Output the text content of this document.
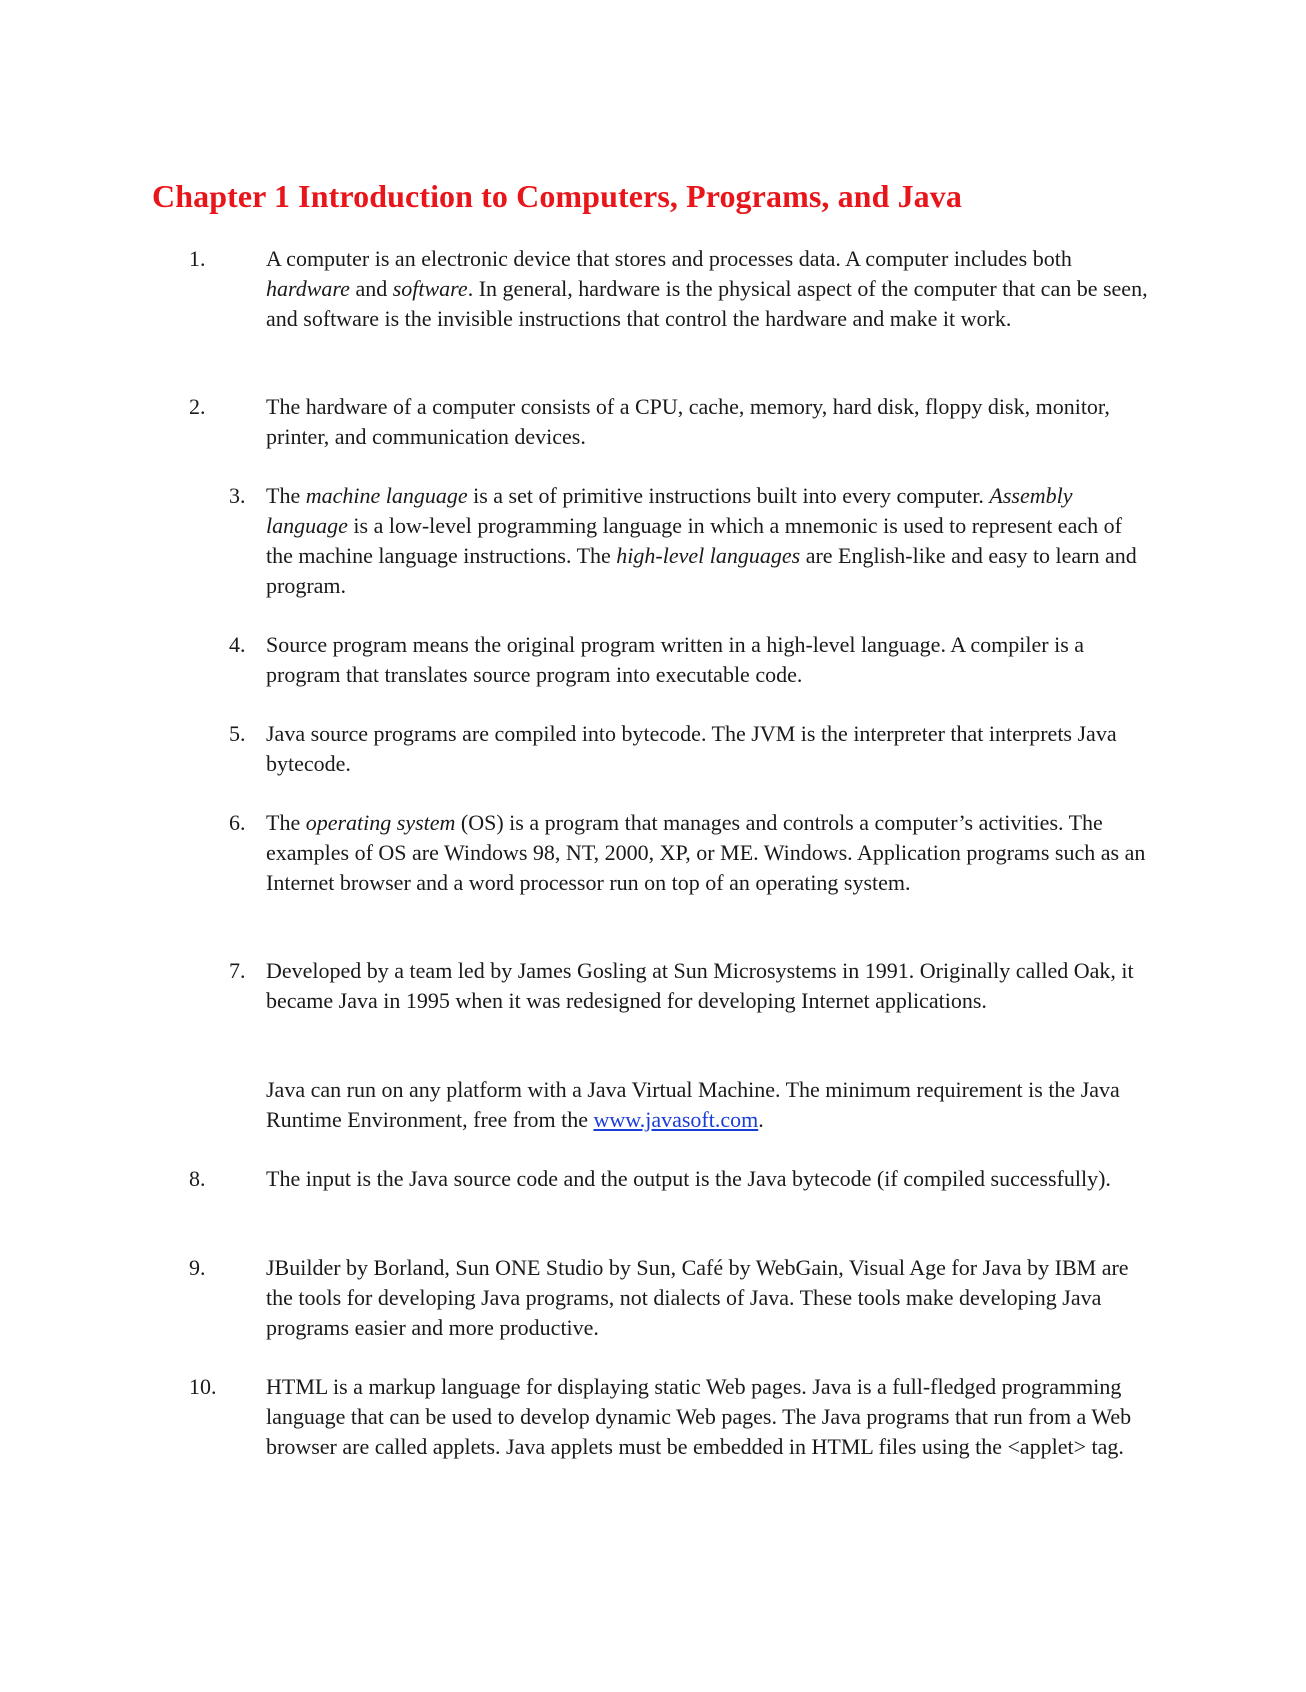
Chapter 1 Introduction to Computers, Programs, and Java
1.	A computer is an electronic device that stores and processes data. A computer includes both hardware and software. In general, hardware is the physical aspect of the computer that can be seen, and software is the invisible instructions that control the hardware and make it work.

2.	The hardware of a computer consists of a CPU, cache, memory, hard disk, floppy disk, monitor, printer, and communication devices.

3. The machine language is a set of primitive instructions built into every computer. Assembly language is a low-level programming language in which a mnemonic is used to represent each of the machine language instructions. The high-level languages are English-like and easy to learn and program.

4. Source program means the original program written in a high-level language. A compiler is a program that translates source program into executable code.

5. Java source programs are compiled into bytecode. The JVM is the interpreter that interprets Java bytecode.

6. The operating system (OS) is a program that manages and controls a computer’s activities. The examples of OS are Windows 98, NT, 2000, XP, or ME. Windows. Application programs such as an Internet browser and a word processor run on top of an operating system.

7. Developed by a team led by James Gosling at Sun Microsystems in 1991. Originally called Oak, it became Java in 1995 when it was redesigned for developing Internet applications.

Java can run on any platform with a Java Virtual Machine. The minimum requirement is the Java Runtime Environment, free from the www.javasoft.com.

8.	The input is the Java source code and the output is the Java bytecode (if compiled successfully).

9.	JBuilder by Borland, Sun ONE Studio by Sun, Café by WebGain, Visual Age for Java by IBM are the tools for developing Java programs, not dialects of Java. These tools make developing Java programs easier and more productive.

10. HTML is a markup language for displaying static Web pages. Java is a full-fledged programming language that can be used to develop dynamic Web pages. The Java programs that run from a Web browser are called applets. Java applets must be embedded in HTML files using the <applet> tag.
